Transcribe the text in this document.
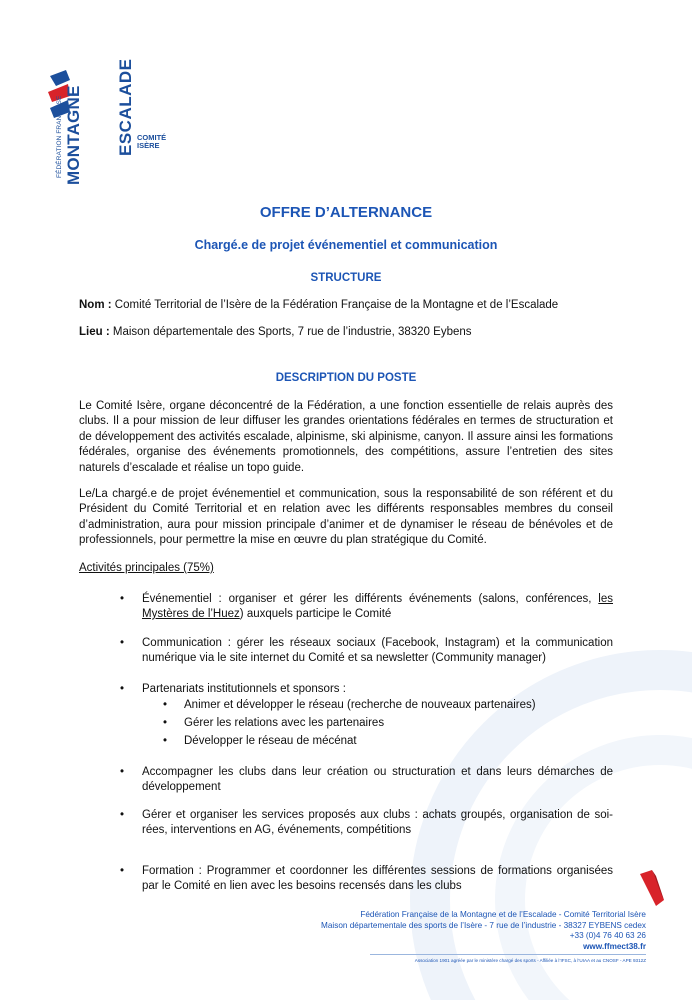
FÉDÉRATION FRANÇAISE MONTAGNE ESCALADE COMITÉ
ISÈRE
OFFRE D’ALTERNANCE
Chargé.e de projet événementiel et communication
STRUCTURE
Nom : Comité Territorial de l’Isère de la Fédération Française de la Montagne et de l’Escalade
Lieu : Maison départementale des Sports, 7 rue de l’industrie, 38320 Eybens
DESCRIPTION DU POSTE

Le Comité Isère, organe déconcentré de la Fédération, a une fonction essentielle de relais auprès des clubs. Il a pour mission de leur diffuser les grandes orientations fédérales en termes de structuration et de développement des activités escalade, alpinisme, ski alpinisme, canyon. Il assure ainsi les formations fédérales, organise des événements promotionnels, des compétitions, assure l’entretien des sites naturels d’escalade et réalise un topo guide.

Le/La chargé.e de projet événementiel et communication, sous la responsabilité de son référent et du Président du Comité Territorial et en relation avec les différents responsables membres du conseil d’administration, aura pour mission principale d’animer et de dynamiser le réseau de bénévoles et de professionnels, pour permettre la mise en œuvre du plan stratégique du Comité.

Activités principales (75%)
• Événementiel : organiser et gérer les différents événements (salons, conférences, les Mystères de l’Huez) auxquels participe le Comité
• Communication : gérer les réseaux sociaux (Facebook, Instagram) et la communication numérique via le site internet du Comité et sa newsletter (Community manager)
• Partenariats institutionnels et sponsors :
• Animer et développer le réseau (recherche de nouveaux partenaires)
• Gérer les relations avec les partenaires
• Développer le réseau de mécénat
• Accompagner les clubs dans leur création ou structuration et dans leurs démarches de développement
• Gérer et organiser les services proposés aux clubs : achats groupés, organisation de soi-rées, interventions en AG, événements, compétitions
• Formation : Programmer et coordonner les différentes sessions de formations organisées par le Comité en lien avec les besoins recensés dans les clubs
Fédération Française de la Montagne et de l’Escalade - Comité Territorial Isère
Maison départementale des sports de l’Isère - 7 rue de l’industrie - 38327 EYBENS cedex
+33 (0)4 76 40 63 26
www.ffmect38.fr
Association 1901 agréée par le ministère chargé des sports - Affiliée à l’IFSC, à l’UIAA et au CNOSF - APE 9312Z
